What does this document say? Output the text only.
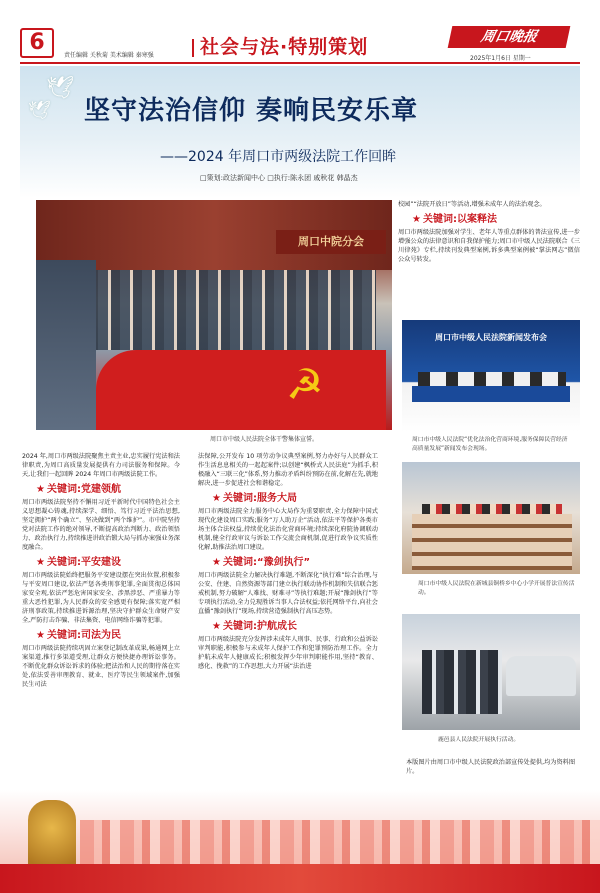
6
责任编辑 关秋菊 美术编辑 秦寒强	社会与法·特别策划	周口晚报
2025年1月6日 星期一
🕊
🕊 坚守法治信仰 奏响民安乐章
——2024 年周口市两级法院工作回眸
□策划:政法新闻中心 □执行:陈永团 戚秋花 韩晶杰
周口中院分会
☭
周口市中级人民法院全体干警集体宣誓。

2024 年,周口市两级法院聚焦主责主业,忠实履行宪法和法律职责,为周口高质量发展提供有力司法服务和保障。今天,让我们一起回眸 2024 年周口市两级法院工作。

★ 关键词:党建领航

周口市两级法院坚持不懈用习近平新时代中国特色社会主义思想凝心铸魂,持续深学、细悟、笃行习近平法治思想,坚定拥护“两个确立”、坚决做到“两个维护”。市中院坚持党对法院工作的绝对领导,不断提高政治判断力、政治领悟力、政治执行力,持续推进讲政治锻大局与抓办案强业务深度融合。

★ 关键词:平安建设

周口市两级法院始终把服务平安建设摆在突出位置,积极参与平安周口建设,依法严惩各类刑事犯罪,全面贯彻总体国家安全观,依法严惩危害国家安全、涉黑涉恶、严重暴力等重大恶性犯罪,为人民群众的安全感更有保障;落实宽严相济刑事政策,持续推进诉源治理,坚决守护群众生命财产安全,严防打击诈骗、非法集资、电信网络诈骗等犯罪。

★ 关键词:司法为民

周口市两级法院持续巩固立案登记制改革成果,畅通网上立案渠道,推行多渠道受理,让群众方便快捷办理诉讼事务。不断优化群众诉讼诉求的体验;把法治和人民的期待落在实处,依法妥善审理教育、就业、医疗等民生领域案件,加强民生司法

法保障,公开发布 10 项劳动争议典型案例,努力办好与人民群众工作生活息息相关的一起起案件;以创建“枫桥式人民法庭”为抓手,积极融入“三联三化”体系,努力推动矛盾纠纷预防在前,化解在先,就地解决,进一步促进社会和谐稳定。

★ 关键词:服务大局

周口市两级法院全力服务中心大局作为重要职责,全力保障中国式现代化建设周口实践;服务“万人助万企”活动,依法平等保护各类市场主体合法权益,持续优化法治化营商环境;持续深化府院协调联动机制,健全行政审议与诉讼工作交流会商机制,促进行政争议实质性化解,助推法治周口建设。

★ 关键词:“豫剑执行”

周口市两级法院全力解决执行难题,不断深化“执行难”综合治理,与公安、住建、自然资源等部门建立执行联动协作机制和失信联合惩戒机制,努力破解“人难找、财难寻”等执行难题;开展“豫剑执行”等专项执行活动,全力兑现胜诉当事人合法权益;依托网络平台,向社会直播“豫剑执行”现场,持续营造强制执行高压态势。

★ 关键词:护航成长

周口市两级法院充分发挥涉未成年人刑事、民事、行政和公益诉讼审判职能,积极参与未成年人保护工作和犯罪预防治理工作。全力护航未成年人健康成长;积极发挥少年审判职能作用,坚持“教育、感化、挽救”的工作思想,大力开展“法治进

校园”“法院开放日”等活动,增强未成年人的法治观念。

★ 关键词:以案释法

周口市两级法院加强对学生、老年人等重点群体的普法宣传,进一步增强公众的法律意识和自我保护能力;周口市中级人民法院联合《三川律苑》专栏,持续刊发典型案例,诉多典型案例被“掌法网志”微信公众号转发。

周口市中级人民法院新闻发布会
周口市中级人民法院“优化法治化营商环境,服务保障民营经济高质量发展”新闻发布会现场。
周口市中级人民法院在新城县铜桥乡中心小学开展普法宣传活动。
鹿邑县人民法院开展执行活动。
本版图片由周口市中级人民法院政治部宣传处提供,均为资料图片。
